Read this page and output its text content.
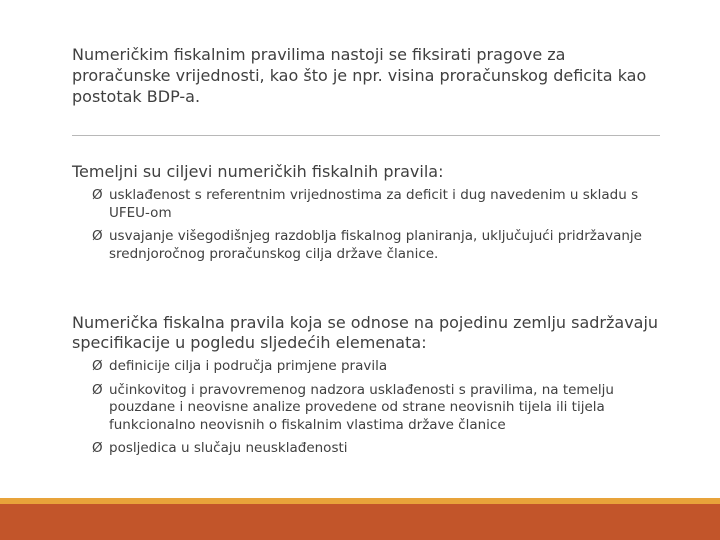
Numeričkim fiskalnim pravilima nastoji se fiksirati pragove za proračunske vrijednosti, kao što je npr. visina proračunskog deficita kao postotak BDP-a.
Temeljni su ciljevi numeričkih fiskalnih pravila:
Ø usklađenost s referentnim vrijednostima za deficit i dug navedenim u skladu s UFEU-om
Ø usvajanje višegodišnjeg razdoblja fiskalnog planiranja, uključujući pridržavanje srednjoročnog proračunskog cilja države članice.
Numerička fiskalna pravila koja se odnose na pojedinu zemlju sadržavaju specifikacije u pogledu sljedećih elemenata:
Ø definicije cilja i područja primjene pravila
Ø učinkovitog i pravovremenog nadzora usklađenosti s pravilima, na temelju pouzdane i neovisne analize provedene od strane neovisnih tijela ili tijela funkcionalno neovisnih o fiskalnim vlastima države članice
Ø posljedica u slučaju neusklađenosti
